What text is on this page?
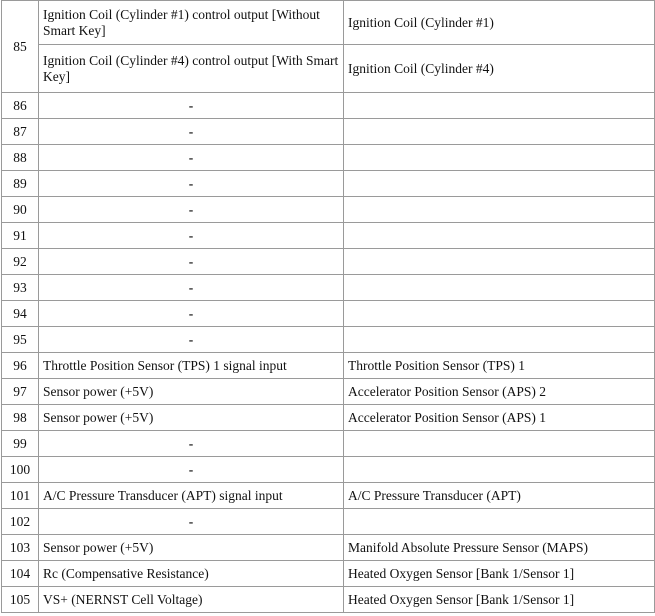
85	Ignition Coil (Cylinder #1) control output [Without Smart Key]	Ignition Coil (Cylinder #1)
	Ignition Coil (Cylinder #4) control output [With Smart Key]	Ignition Coil (Cylinder #4)
86	-	
87	-	
88	-	
89	-	
90	-	
91	-	
92	-	
93	-	
94	-	
95	-	
96	Throttle Position Sensor (TPS) 1 signal input	Throttle Position Sensor (TPS) 1
97	Sensor power (+5V)	Accelerator Position Sensor (APS) 2
98	Sensor power (+5V)	Accelerator Position Sensor (APS) 1
99	-	
100	-	
101	A/C Pressure Transducer (APT) signal input	A/C Pressure Transducer (APT)
102	-	
103	Sensor power (+5V)	Manifold Absolute Pressure Sensor (MAPS)
104	Rc (Compensative Resistance)	Heated Oxygen Sensor [Bank 1/Sensor 1]
105	VS+ (NERNST Cell Voltage)	Heated Oxygen Sensor [Bank 1/Sensor 1]
